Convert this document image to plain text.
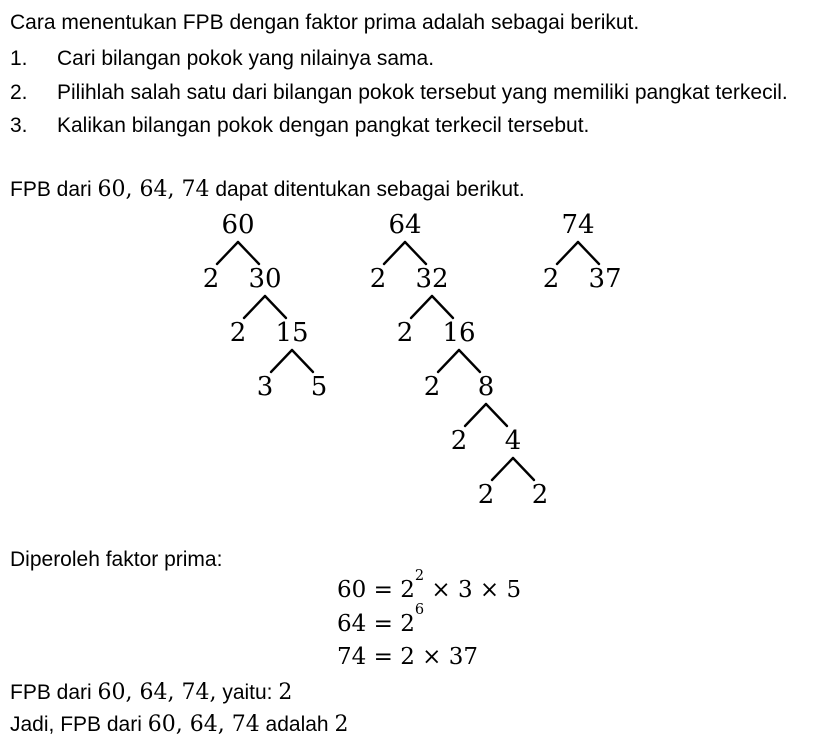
Cara menentukan FPB dengan faktor prima adalah sebagai berikut.
1.	Cari bilangan pokok yang nilainya sama.
2.	Pilihlah salah satu dari bilangan pokok tersebut yang memiliki pangkat terkecil.
3.	Kalikan bilangan pokok dengan pangkat terkecil tersebut.
FPB dari 60, 64, 74 dapat ditentukan sebagai berikut.
60
2 30
2 15
3 5
64
2 32
2 16
2 8
2 4
2 2
74
2 37
Diperoleh faktor prima:
$60 = 2^2 \times 3 \times 5$
$64 = 2^6$
74 = 2 × 37
FPB dari 60, 64, 74, yaitu: 2
Jadi, FPB dari 60, 64, 74 adalah 2
